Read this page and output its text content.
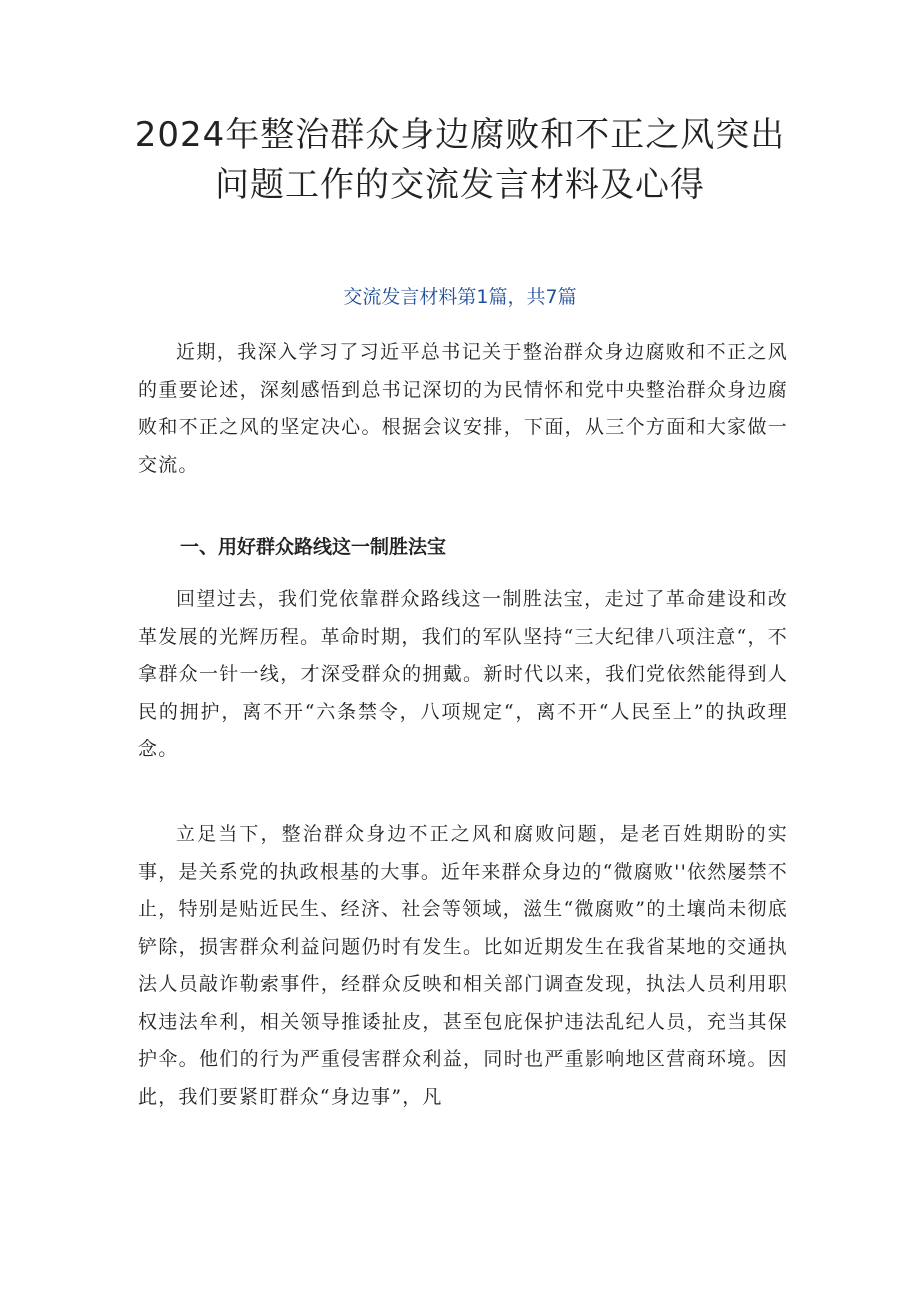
2024年整治群众身边腐败和不正之风突出
问题工作的交流发言材料及心得

交流发言材料第1篇，共7篇

近期，我深入学习了习近平总书记关于整治群众身边腐败和不正之风的重要论述，深刻感悟到总书记深切的为民情怀和党中央整治群众身边腐败和不正之风的坚定决心。根据会议安排，下面，从三个方面和大家做一交流。

一、用好群众路线这一制胜法宝

回望过去，我们党依靠群众路线这一制胜法宝，走过了革命建设和改革发展的光辉历程。革命时期，我们的军队坚持“三大纪律八项注意“，不拿群众一针一线，才深受群众的拥戴。新时代以来，我们党依然能得到人民的拥护，离不开“六条禁令，八项规定“，离不开“人民至上”的执政理念。

立足当下，整治群众身边不正之风和腐败问题，是老百姓期盼的实事，是关系党的执政根基的大事。近年来群众身边的“微腐败''依然屡禁不止，特别是贴近民生、经济、社会等领域，滋生“微腐败”的土壤尚未彻底铲除，损害群众利益问题仍时有发生。比如近期发生在我省某地的交通执法人员敲诈勒索事件，经群众反映和相关部门调查发现，执法人员利用职权违法牟利，相关领导推诿扯皮，甚至包庇保护违法乱纪人员，充当其保护伞。他们的行为严重侵害群众利益，同时也严重影响地区营商环境。因此，我们要紧盯群众“身边事”，凡
